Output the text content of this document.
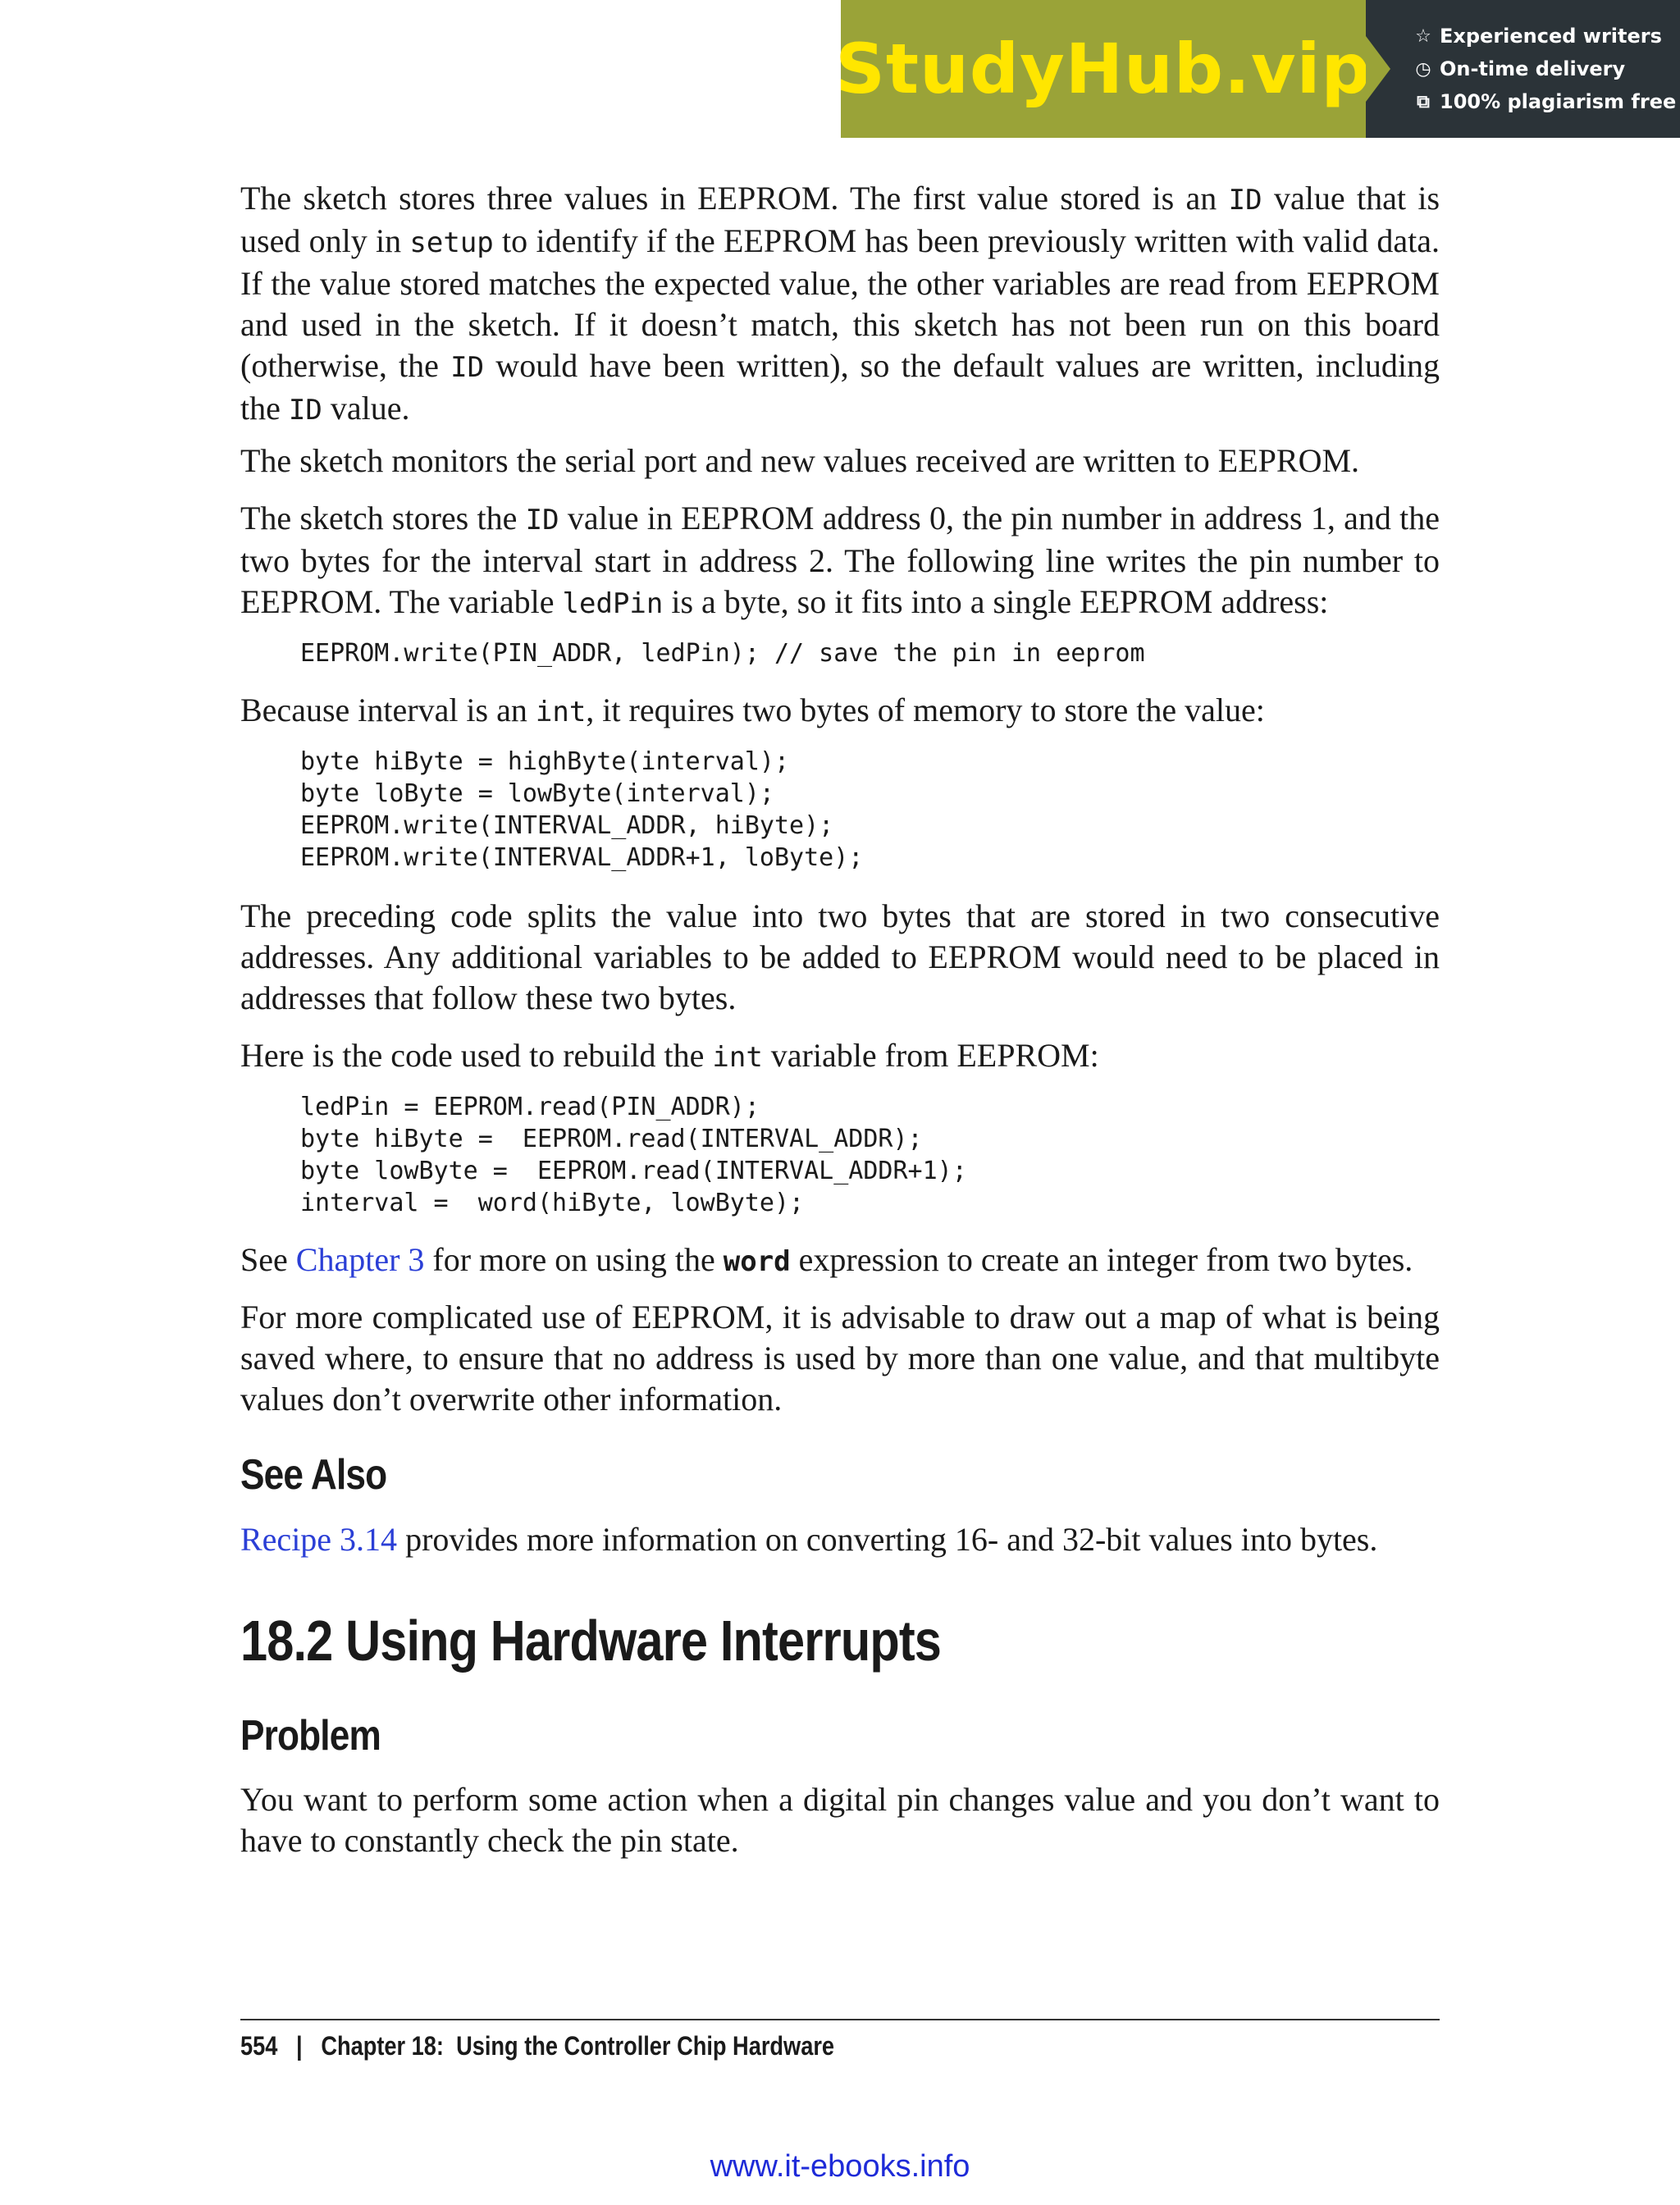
StudyHub.vip ☆ Experienced writers
◷ On-time delivery
⧉ 100% plagiarism free

The sketch stores three values in EEPROM. The first value stored is an ID value that is used only in setup to identify if the EEPROM has been previously written with valid data. If the value stored matches the expected value, the other variables are read from EEPROM and used in the sketch. If it doesn’t match, this sketch has not been run on this board (otherwise, the ID would have been written), so the default values are written, including the ID value.

The sketch monitors the serial port and new values received are written to EEPROM.

The sketch stores the ID value in EEPROM address 0, the pin number in address 1, and the two bytes for the interval start in address 2. The following line writes the pin number to EEPROM. The variable ledPin is a byte, so it fits into a single EEPROM address:

EEPROM.write(PIN_ADDR, ledPin); // save the pin in eeprom

Because interval is an int, it requires two bytes of memory to store the value:

byte hiByte = highByte(interval);
byte loByte = lowByte(interval);
EEPROM.write(INTERVAL_ADDR, hiByte);
EEPROM.write(INTERVAL_ADDR+1, loByte);

The preceding code splits the value into two bytes that are stored in two consecutive addresses. Any additional variables to be added to EEPROM would need to be placed in addresses that follow these two bytes.

Here is the code used to rebuild the int variable from EEPROM:

ledPin = EEPROM.read(PIN_ADDR);
byte hiByte =  EEPROM.read(INTERVAL_ADDR);
byte lowByte =  EEPROM.read(INTERVAL_ADDR+1);
interval =  word(hiByte, lowByte);

See Chapter 3 for more on using the word expression to create an integer from two bytes.

For more complicated use of EEPROM, it is advisable to draw out a map of what is being saved where, to ensure that no address is used by more than one value, and that multibyte values don’t overwrite other information.

See Also

Recipe 3.14 provides more information on converting 16- and 32-bit values into bytes.

18.2 Using Hardware Interrupts
Problem

You want to perform some action when a digital pin changes value and you don’t want to have to constantly check the pin state.

554   |   Chapter 18:  Using the Controller Chip Hardware
www.it-ebooks.info
